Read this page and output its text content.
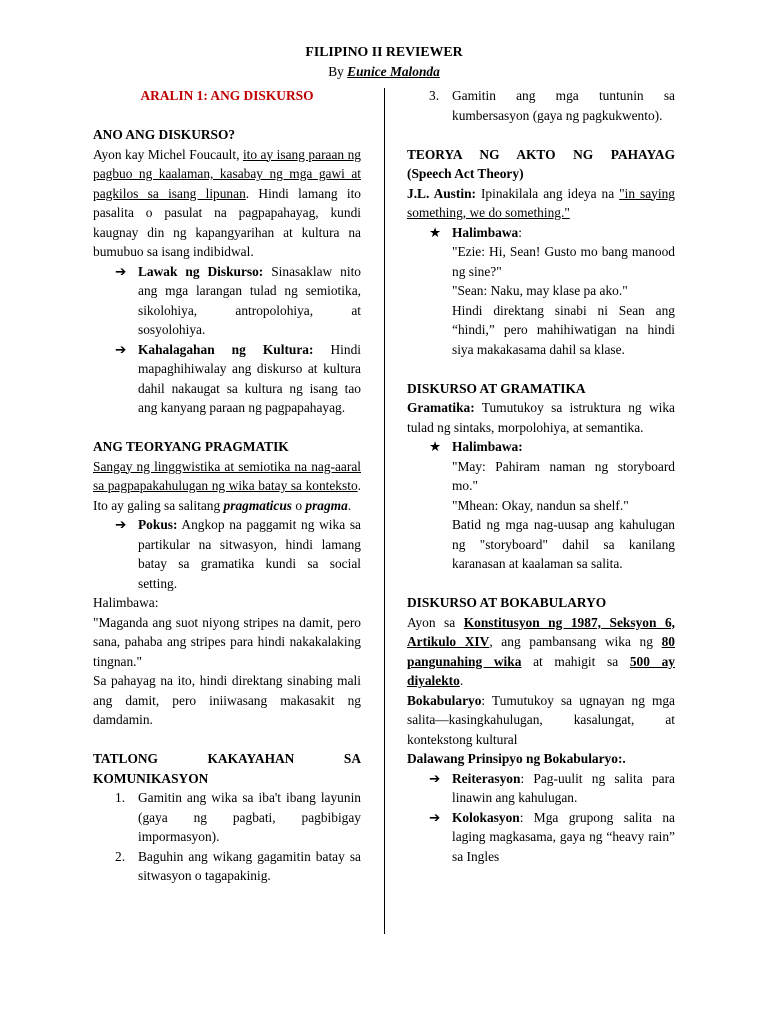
FILIPINO II REVIEWER
By Eunice Malonda

ARALIN 1: ANG DISKURSO

ANO ANG DISKURSO?

Ayon kay Michel Foucault, ito ay isang paraan ng pagbuo ng kaalaman, kasabay ng mga gawi at pagkilos sa isang lipunan. Hindi lamang ito pasalita o pasulat na pagpapahayag, kundi kaugnay din ng kapangyarihan at kultura na bumubuo sa isang indibidwal.

➔ Lawak ng Diskurso: Sinasaklaw nito ang mga larangan tulad ng semiotika, sikolohiya, antropolohiya, at sosyolohiya.
➔ Kahalagahan ng Kultura: Hindi mapaghihiwalay ang diskurso at kultura dahil nakaugat sa kultura ng isang tao ang kanyang paraan ng pagpapahayag.

ANG TEORYANG PRAGMATIK

Sangay ng linggwistika at semiotika na nag-aaral sa pagpapakahulugan ng wika batay sa konteksto. Ito ay galing sa salitang pragmaticus o pragma.

➔ Pokus: Angkop na paggamit ng wika sa partikular na sitwasyon, hindi lamang batay sa gramatika kundi sa social setting.

Halimbawa:

"Maganda ang suot niyong stripes na damit, pero sana, pahaba ang stripes para hindi nakakalaking tingnan."

Sa pahayag na ito, hindi direktang sinabing mali ang damit, pero iniiwasang makasakit ng damdamin.

TATLONG KAKAYAHAN SA KOMUNIKASYON

1. Gamitin ang wika sa iba't ibang layunin (gaya ng pagbati, pagbibigay impormasyon).
2. Baguhin ang wikang gagamitin batay sa sitwasyon o tagapakinig.
3. Gamitin ang mga tuntunin sa kumbersasyon (gaya ng pagkukwento).

TEORYA NG AKTO NG PAHAYAG

(Speech Act Theory)

J.L. Austin: Ipinakilala ang ideya na "in saying something, we do something."

★ Halimbawa:

"Ezie: Hi, Sean! Gusto mo bang manood ng sine?"

"Sean: Naku, may klase pa ako."

Hindi direktang sinabi ni Sean ang “hindi,” pero mahihiwatigan na hindi siya makakasama dahil sa klase.

DISKURSO AT GRAMATIKA

Gramatika: Tumutukoy sa istruktura ng wika tulad ng sintaks, morpolohiya, at semantika.

★ Halimbawa:

"May: Pahiram naman ng storyboard mo."

"Mhean: Okay, nandun sa shelf."

Batid ng mga nag-uusap ang kahulugan ng "storyboard" dahil sa kanilang karanasan at kaalaman sa salita.

DISKURSO AT BOKABULARYO

Ayon sa Konstitusyon ng 1987, Seksyon 6, Artikulo XIV, ang pambansang wika ng 80 pangunahing wika at mahigit sa 500 ay diyalekto.

Bokabularyo: Tumutukoy sa ugnayan ng mga salita—kasingkahulugan, kasalungat, at kontekstong kultural

Dalawang Prinsipyo ng Bokabularyo:.

➔ Reiterasyon: Pag-uulit ng salita para linawin ang kahulugan.
➔ Kolokasyon: Mga grupong salita na laging magkasama, gaya ng “heavy rain” sa Ingles
